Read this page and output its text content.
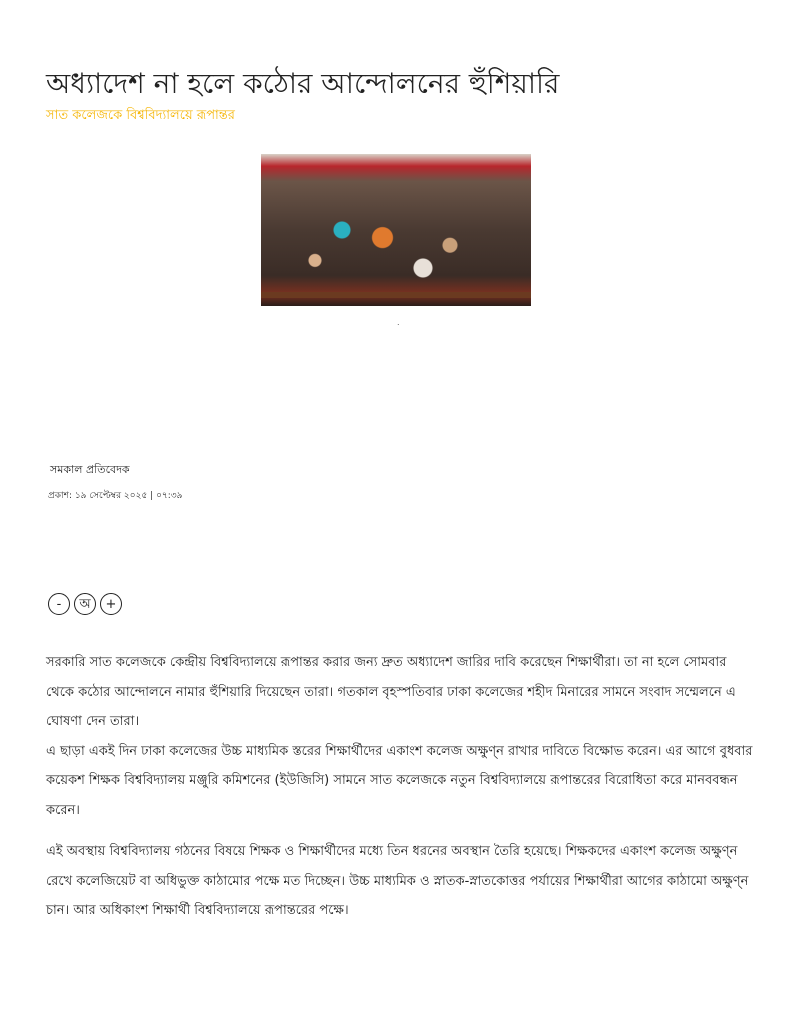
অধ্যাদেশ না হলে কঠোর আন্দোলনের হুঁশিয়ারি
সাত কলেজকে বিশ্ববিদ্যালয়ে রূপান্তর
.
সমকাল প্রতিবেদক
প্রকাশ: ১৯ সেপ্টেম্বর ২০২৫ | ০৭:৩৯
-	অ	+

সরকারি সাত কলেজকে কেন্দ্রীয় বিশ্ববিদ্যালয়ে রূপান্তর করার জন্য দ্রুত অধ্যাদেশ জারির দাবি করেছেন শিক্ষার্থীরা। তা না হলে সোমবার থেকে কঠোর আন্দোলনে নামার হুঁশিয়ারি দিয়েছেন তারা। গতকাল বৃহস্পতিবার ঢাকা কলেজের শহীদ মিনারের সামনে সংবাদ সম্মেলনে এ ঘোষণা দেন তারা।

এ ছাড়া একই দিন ঢাকা কলেজের উচ্চ মাধ্যমিক স্তরের শিক্ষার্থীদের একাংশ কলেজ অক্ষুণ্ন রাখার দাবিতে বিক্ষোভ করেন। এর আগে বুধবার কয়েকশ শিক্ষক বিশ্ববিদ্যালয় মঞ্জুরি কমিশনের (ইউজিসি) সামনে সাত কলেজকে নতুন বিশ্ববিদ্যালয়ে রূপান্তরের বিরোধিতা করে মানববন্ধন করেন।

এই অবস্থায় বিশ্ববিদ্যালয় গঠনের বিষয়ে শিক্ষক ও শিক্ষার্থীদের মধ্যে তিন ধরনের অবস্থান তৈরি হয়েছে। শিক্ষকদের একাংশ কলেজ অক্ষুণ্ন রেখে কলেজিয়েট বা অধিভুক্ত কাঠামোর পক্ষে মত দিচ্ছেন। উচ্চ মাধ্যমিক ও স্নাতক-স্নাতকোত্তর পর্যায়ের শিক্ষার্থীরা আগের কাঠামো অক্ষুণ্ন চান। আর অধিকাংশ শিক্ষার্থী বিশ্ববিদ্যালয়ে রূপান্তরের পক্ষে।
